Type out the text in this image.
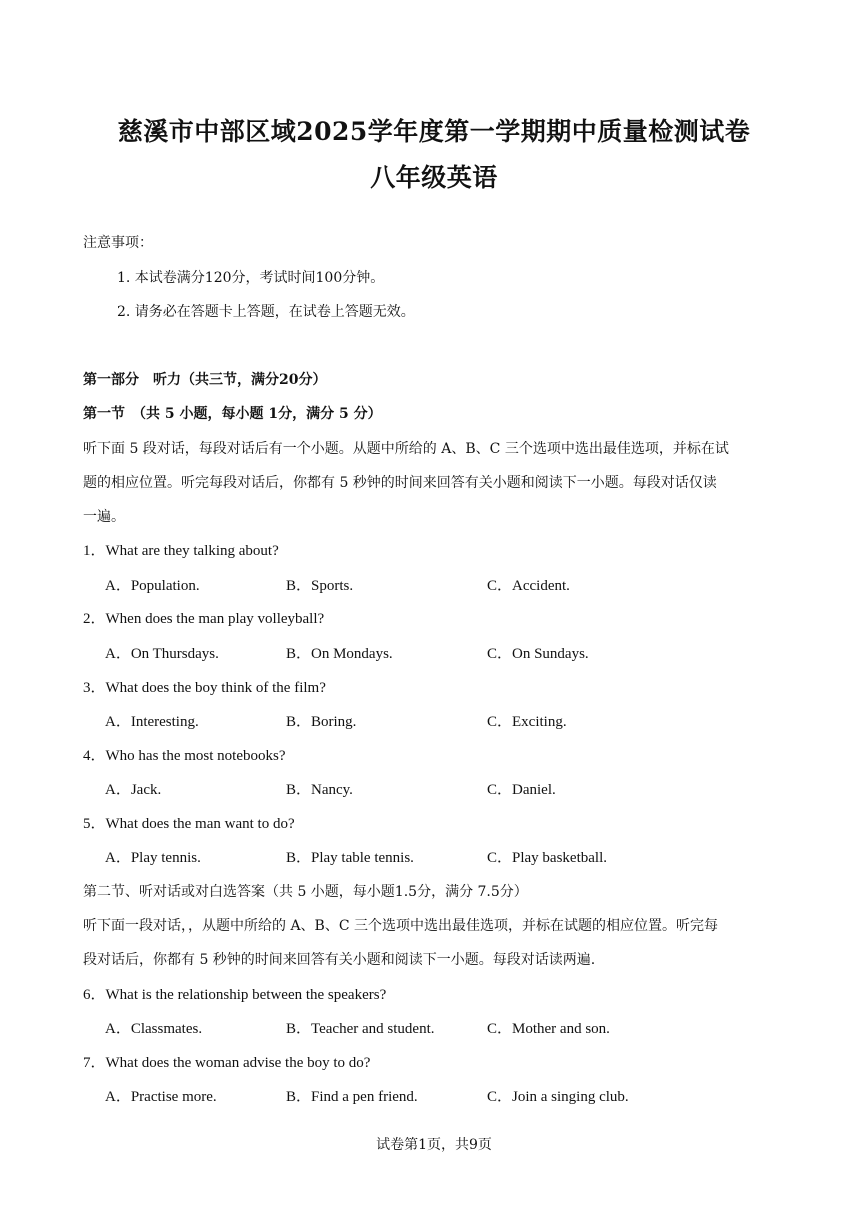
慈溪市中部区域2025学年度第一学期期中质量检测试卷
八年级英语
注意事项：
1. 本试卷满分120分，考试时间100分钟。
2. 请务必在答题卡上答题，在试卷上答题无效。
第一部分　听力（共三节，满分20分）
第一节　（共 5 小题，每小题 1分，满分 5 分）
听下面 5 段对话，每段对话后有一个小题。从题中所给的 A、B、C 三个选项中选出最佳选项，并标在试
题的相应位置。听完每段对话后，你都有 5 秒钟的时间来回答有关小题和阅读下一小题。每段对话仅读
一遍。
1．What are they talking about?
A．Population.	B．Sports.	C．Accident.
2．When does the man play volleyball?
A．On Thursdays.	B．On Mondays.	C．On Sundays.
3．What does the boy think of the film?
A．Interesting.	B．Boring.	C．Exciting.
4．Who has the most notebooks?
A．Jack.	B．Nancy.	C．Daniel.
5．What does the man want to do?
A．Play tennis.	B．Play table tennis.	C．Play basketball.
第二节、听对话或对白选答案（共 5 小题，每小题1.5分，满分 7.5分）
听下面一段对话，，从题中所给的 A、B、C 三个选项中选出最佳选项，并标在试题的相应位置。听完每
段对话后，你都有 5 秒钟的时间来回答有关小题和阅读下一小题。每段对话读两遍.
6．What is the relationship between the speakers?
A．Classmates.	B．Teacher and student.	C．Mother and son.
7．What does the woman advise the boy to do?
A．Practise more.	B．Find a pen friend.	C．Join a singing club.
试卷第1页，共9页
